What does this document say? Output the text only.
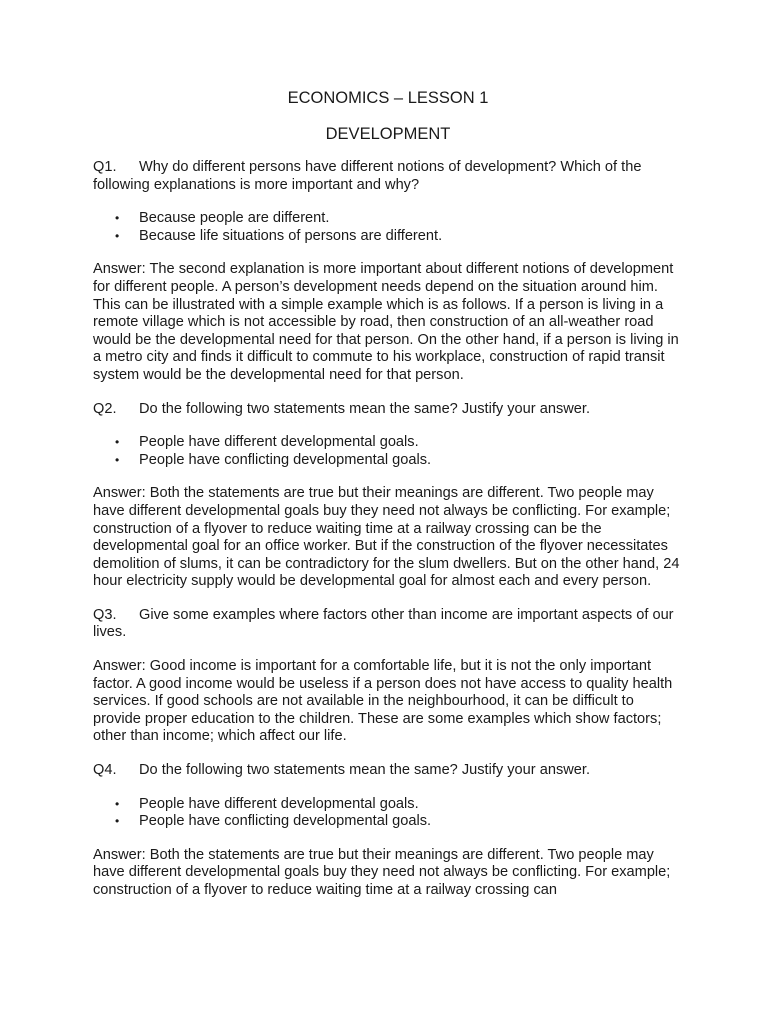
ECONOMICS – LESSON 1

DEVELOPMENT

Q1. Why do different persons have different notions of development? Which of the following explanations is more important and why?
• Because people are different.
• Because life situations of persons are different.

Answer: The second explanation is more important about different notions of development for different people. A person’s development needs depend on the situation around him. This can be illustrated with a simple example which is as follows. If a person is living in a remote village which is not accessible by road, then construction of an all-weather road would be the developmental need for that person. On the other hand, if a person is living in a metro city and finds it difficult to commute to his workplace, construction of rapid transit system would be the developmental need for that person.

Q2.	Do the following two statements mean the same? Justify your answer.
• People have different developmental goals.
• People have conflicting developmental goals.

Answer: Both the statements are true but their meanings are different. Two people may have different developmental goals buy they need not always be conflicting. For example; construction of a flyover to reduce waiting time at a railway crossing can be the developmental goal for an office worker. But if the construction of the flyover necessitates demolition of slums, it can be contradictory for the slum dwellers. But on the other hand, 24 hour electricity supply would be developmental goal for almost each and every person.

Q3. Give some examples where factors other than income are important aspects of our lives.

Answer: Good income is important for a comfortable life, but it is not the only important factor. A good income would be useless if a person does not have access to quality health services. If good schools are not available in the neighbourhood, it can be difficult to provide proper education to the children. These are some examples which show factors; other than income; which affect our life.

Q4.	Do the following two statements mean the same? Justify your answer.
• People have different developmental goals.
• People have conflicting developmental goals.

Answer: Both the statements are true but their meanings are different. Two people may have different developmental goals buy they need not always be conflicting. For example; construction of a flyover to reduce waiting time at a railway crossing can
